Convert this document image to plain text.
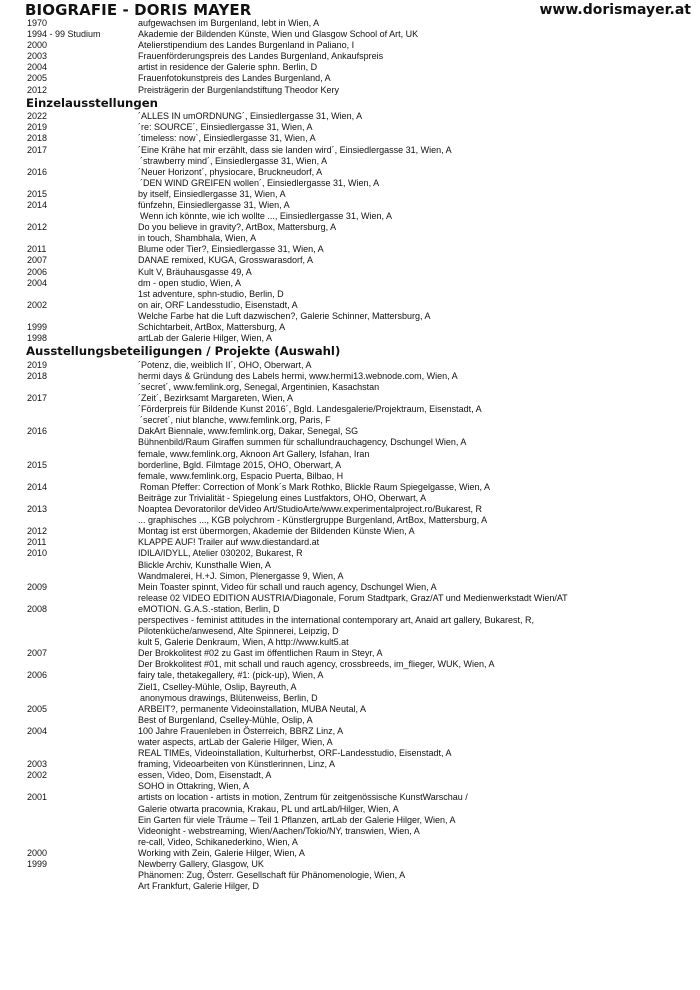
BIOGRAFIE - DORIS MAYER	www.dorismayer.at
1970	aufgewachsen im Burgenland, lebt in Wien, A
1994 - 99 Studium	Akademie der Bildenden Künste, Wien und Glasgow School of Art, UK
2000	Atelierstipendium des Landes Burgenland in Paliano, I
2003	Frauenförderungspreis des Landes Burgenland, Ankaufspreis
2004	artist in residence der Galerie sphn. Berlin, D
2005	Frauenfotokunstpreis des Landes Burgenland, A
2012	Preisträgerin der Burgenlandstiftung Theodor Kery
Einzelausstellungen
2022	´ALLES IN umORDNUNG´, Einsiedlergasse 31, Wien, A
2019	´re: SOURCE´, Einsiedlergasse 31, Wien, A
2018	´timeless: now`, Einsiedlergasse 31, Wien, A
2017	´Eine Krähe hat mir erzählt, dass sie landen wird´, Einsiedlergasse 31, Wien, A
´strawberry mind´, Einsiedlergasse 31, Wien, A
2016	´Neuer Horizont´, physiocare, Bruckneudorf, A
´DEN WIND GREIFEN wollen´, Einsiedlergasse 31, Wien, A
2015	by itself, Einsiedlergasse 31, Wien, A
2014	fünfzehn, Einsiedlergasse 31, Wien, A
Wenn ich könnte, wie ich wollte ..., Einsiedlergasse 31, Wien, A
2012	Do you believe in gravity?, ArtBox, Mattersburg, A
in touch, Shambhala, Wien, A
2011	Blume oder Tier?, Einsiedlergasse 31, Wien, A
2007	DANAE remixed, KUGA, Grosswarasdorf, A
2006	Kult V, Bräuhausgasse 49, A
2004	dm - open studio, Wien, A
1st adventure, sphn-studio, Berlin, D
2002	on air, ORF Landesstudio, Eisenstadt, A
Welche Farbe hat die Luft dazwischen?, Galerie Schinner, Mattersburg, A
1999	Schichtarbeit, ArtBox, Mattersburg, A
1998	artLab der Galerie Hilger, Wien, A
Ausstellungsbeteiligungen / Projekte (Auswahl)
2019	´Potenz, die, weiblich II´, OHO, Oberwart, A
2018	hermi days & Gründung des Labels hermi, www.hermi13.webnode.com, Wien, A
´secret´, www.femlink.org, Senegal, Argentinien, Kasachstan
2017	´Zeit´, Bezirksamt Margareten, Wien, A
´Förderpreis für Bildende Kunst 2016´, Bgld. Landesgalerie/Projektraum, Eisenstadt, A
´secret´, niut blanche, www.femlink.org, Paris, F
2016	DakArt Biennale, www.femlink.org, Dakar, Senegal, SG
Bühnenbild/Raum Giraffen summen für schallundrauchagency, Dschungel Wien, A
female, www.femlink.org, Aknoon Art Gallery, Isfahan, Iran
2015	borderline, Bgld. Filmtage 2015, OHO, Oberwart, A
female, www.femlink.org, Espacio Puerta, Bilbao, H
2014	Roman Pfeffer: Correction of Monk´s Mark Rothko, Blickle Raum Spiegelgasse, Wien, A
Beiträge zur Trivialität - Spiegelung eines Lustfaktors, OHO, Oberwart, A
2013	Noaptea Devoratorilor deVideo Art/StudioArte/www.experimentalproject.ro/Bukarest, R
... graphisches ..., KGB polychrom - Künstlergruppe Burgenland, ArtBox, Mattersburg, A
2012	Montag ist erst übermorgen, Akademie der Bildenden Künste Wien, A
2011	KLAPPE AUF! Trailer auf www.diestandard.at
2010	IDILA/IDYLL, Atelier 030202, Bukarest, R
Blickle Archiv, Kunsthalle Wien, A
Wandmalerei, H.+J. Simon, Plenergasse 9, Wien, A
2009	Mein Toaster spinnt, Video für schall und rauch agency, Dschungel Wien, A
release 02 VIDEO EDITION AUSTRIA/Diagonale, Forum Stadtpark, Graz/AT und Medienwerkstadt Wien/AT
2008	eMOTION. G.A.S.-station, Berlin, D
perspectives - feminist attitudes in the international contemporary art, Anaid art gallery, Bukarest, R,
Pilotenküche/anwesend, Alte Spinnerei, Leipzig, D
kult 5, Galerie Denkraum, Wien, A http://www.kult5.at
2007	Der Brokkolitest #02 zu Gast im öffentlichen Raum in Steyr, A
Der Brokkolitest #01, mit schall und rauch agency, crossbreeds, im_flieger, WUK, Wien, A
2006	fairy tale, thetakegallery, #1: (pick-up), Wien, A
Ziel1, Cselley-Mühle, Oslip, Bayreuth, A
anonymous drawings, Blütenweiss, Berlin, D
2005	ARBEIT?, permanente Videoinstallation, MUBA Neutal, A
Best of Burgenland, Cselley-Mühle, Oslip, A
2004	100 Jahre Frauenleben in Österreich, BBRZ Linz, A
water aspects, artLab der Galerie Hilger, Wien, A
REAL TIMEs, Videoinstallation, Kulturherbst, ORF-Landesstudio, Eisenstadt, A
2003	framing, Videoarbeiten von Künstlerinnen, Linz, A
2002	essen, Video, Dom, Eisenstadt, A
SOHO in Ottakring, Wien, A
2001	artists on location - artists in motion, Zentrum für zeitgenössische KunstWarschau /
Galerie otwarta pracownia, Krakau, PL und artLab/Hilger, Wien, A
Ein Garten für viele Träume – Teil 1 Pflanzen, artLab der Galerie Hilger, Wien, A
Videonight - webstreaming, Wien/Aachen/Tokio/NY, transwien, Wien, A
re-call, Video, Schikanederkino, Wien, A
2000	Working with Zein, Galerie Hilger, Wien, A
1999	Newberry Gallery, Glasgow, UK
Phänomen: Zug, Österr. Gesellschaft für Phänomenologie, Wien, A
Art Frankfurt, Galerie Hilger, D
